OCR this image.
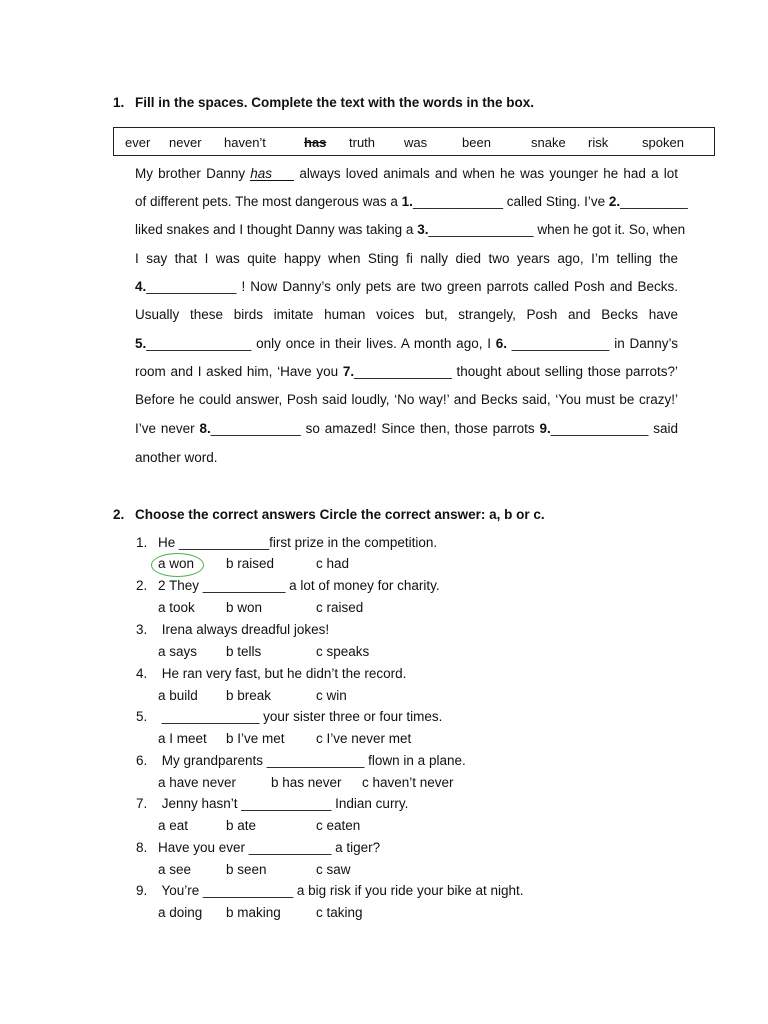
1. Fill in the spaces. Complete the text with the words in the box.
ever never haven’t	has truth was	been	snake risk	spoken
My brother Danny has always loved animals and when he was younger he had a lot
of different pets. The most dangerous was a 1.____________ called Sting. I’ve 2._________
liked snakes and I thought Danny was taking a 3.______________ when he got it. So, when
I say that I was quite happy when Sting fi nally died two years ago, I’m telling the
4.____________ ! Now Danny’s only pets are two green parrots called Posh and Becks.
Usually these birds imitate human voices but, strangely, Posh and Becks have
5.______________ only once in their lives. A month ago, I 6. _____________ in Danny’s
room and I asked him, ‘Have you 7._____________ thought about selling those parrots?’
Before he could answer, Posh said loudly, ‘No way!’ and Becks said, ‘You must be crazy!’
I’ve never 8.____________ so amazed! Since then, those parrots 9._____________ said
another word.
2. Choose the correct answers Circle the correct answer: a, b or c.
1. He ____________first prize in the competition.
a won b raised	c had
2. 2 They ___________ a lot of money for charity.
a took b won	c raised
3. Irena always dreadful jokes!
a says b tells	c speaks
4. He ran very fast, but he didn’t the record.
a build b break	c win
5. _____________ your sister three or four times.
a I meet b I’ve met c I’ve never met
6. My grandparents _____________ flown in a plane.
a have never	b has never c haven’t never
7. Jenny hasn’t ____________ Indian curry.
a eat	b ate	c eaten
8. Have you ever ___________ a tiger?
a see	b seen	c saw
9. You’re ____________ a big risk if you ride your bike at night.
a doing b making	c taking
